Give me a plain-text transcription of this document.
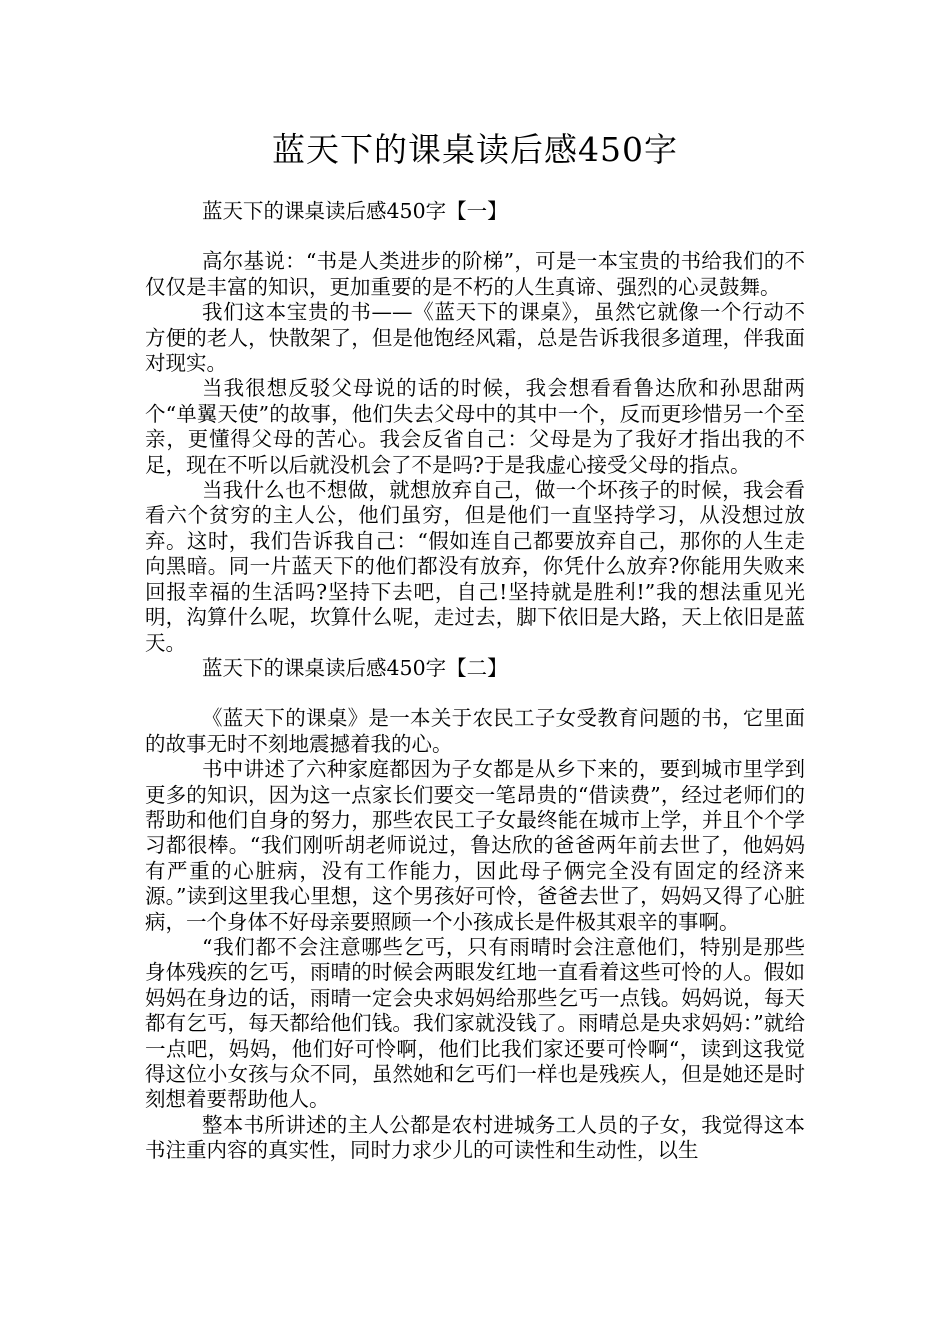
蓝天下的课桌读后感450字
蓝天下的课桌读后感450字【一】
高尔基说：“书是人类进步的阶梯”，可是一本宝贵的书给我们的不仅仅是丰富的知识，更加重要的是不朽的人生真谛、强烈的心灵鼓舞。
我们这本宝贵的书——《蓝天下的课桌》，虽然它就像一个行动不方便的老人，快散架了，但是他饱经风霜，总是告诉我很多道理，伴我面对现实。
当我很想反驳父母说的话的时候，我会想看看鲁达欣和孙思甜两个“单翼天使”的故事，他们失去父母中的其中一个，反而更珍惜另一个至亲，更懂得父母的苦心。我会反省自己：父母是为了我好才指出我的不足，现在不听以后就没机会了不是吗?于是我虚心接受父母的指点。
当我什么也不想做，就想放弃自己，做一个坏孩子的时候，我会看看六个贫穷的主人公，他们虽穷，但是他们一直坚持学习，从没想过放弃。这时，我们告诉我自己：“假如连自己都要放弃自己，那你的人生走向黑暗。同一片蓝天下的他们都没有放弃，你凭什么放弃?你能用失败来回报幸福的生活吗?坚持下去吧，自己!坚持就是胜利!”我的想法重见光明，沟算什么呢，坎算什么呢，走过去，脚下依旧是大路，天上依旧是蓝天。
蓝天下的课桌读后感450字【二】
《蓝天下的课桌》是一本关于农民工子女受教育问题的书，它里面的故事无时不刻地震撼着我的心。
书中讲述了六种家庭都因为子女都是从乡下来的，要到城市里学到更多的知识，因为这一点家长们要交一笔昂贵的“借读费”，经过老师们的帮助和他们自身的努力，那些农民工子女最终能在城市上学，并且个个学习都很棒。“我们刚听胡老师说过，鲁达欣的爸爸两年前去世了，他妈妈有严重的心脏病，没有工作能力，因此母子俩完全没有固定的经济来源。”读到这里我心里想，这个男孩好可怜，爸爸去世了，妈妈又得了心脏病，一个身体不好母亲要照顾一个小孩成长是件极其艰辛的事啊。
“我们都不会注意哪些乞丐，只有雨晴时会注意他们，特别是那些身体残疾的乞丐，雨晴的时候会两眼发红地一直看着这些可怜的人。假如妈妈在身边的话，雨晴一定会央求妈妈给那些乞丐一点钱。妈妈说，每天都有乞丐，每天都给他们钱。我们家就没钱了。雨晴总是央求妈妈：”就给一点吧，妈妈，他们好可怜啊，他们比我们家还要可怜啊“，读到这我觉得这位小女孩与众不同，虽然她和乞丐们一样也是残疾人，但是她还是时刻想着要帮助他人。
整本书所讲述的主人公都是农村进城务工人员的子女，我觉得这本书注重内容的真实性，同时力求少儿的可读性和生动性，以生
